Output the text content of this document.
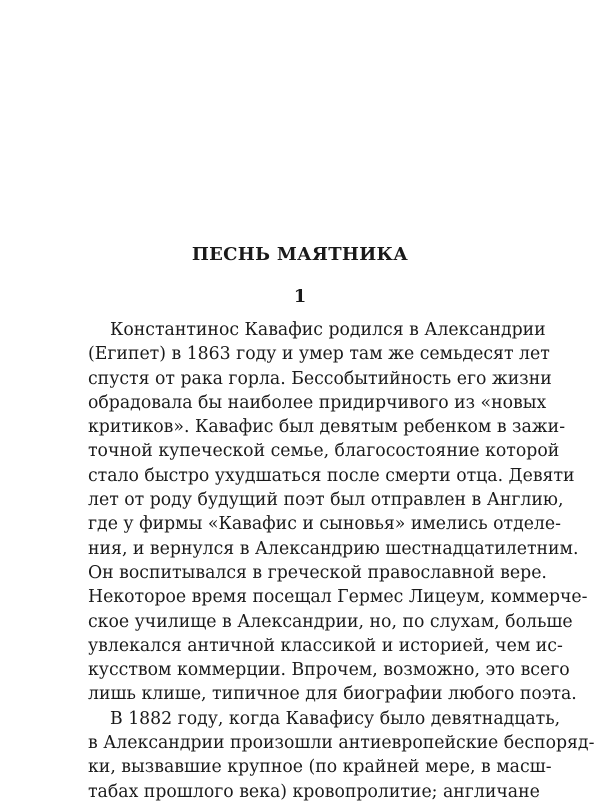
ПЕСНЬ МАЯТНИКА
1
Константинос Кавафис родился в Александрии
(Египет) в 1863 году и умер там же семьдесят лет
спустя от рака горла. Бессобытийность его жизни
обрадовала бы наиболее придирчивого из «новых
критиков». Кавафис был девятым ребенком в зажи-
точной купеческой семье, благосостояние которой
стало быстро ухудшаться после смерти отца. Девяти
лет от роду будущий поэт был отправлен в Англию,
где у фирмы «Кавафис и сыновья» имелись отделе-
ния, и вернулся в Александрию шестнадцатилетним.
Он воспитывался в греческой православной вере.
Некоторое время посещал Гермес Лицеум, коммерче-
ское училище в Александрии, но, по слухам, больше
увлекался античной классикой и историей, чем ис-
кусством коммерции. Впрочем, возможно, это всего
лишь клише, типичное для биографии любого поэта.
В 1882 году, когда Кавафису было девятнадцать,
в Александрии произошли антиевропейские беспоряд-
ки, вызвавшие крупное (по крайней мере, в масш-
табах прошлого века) кровопролитие; англичане
